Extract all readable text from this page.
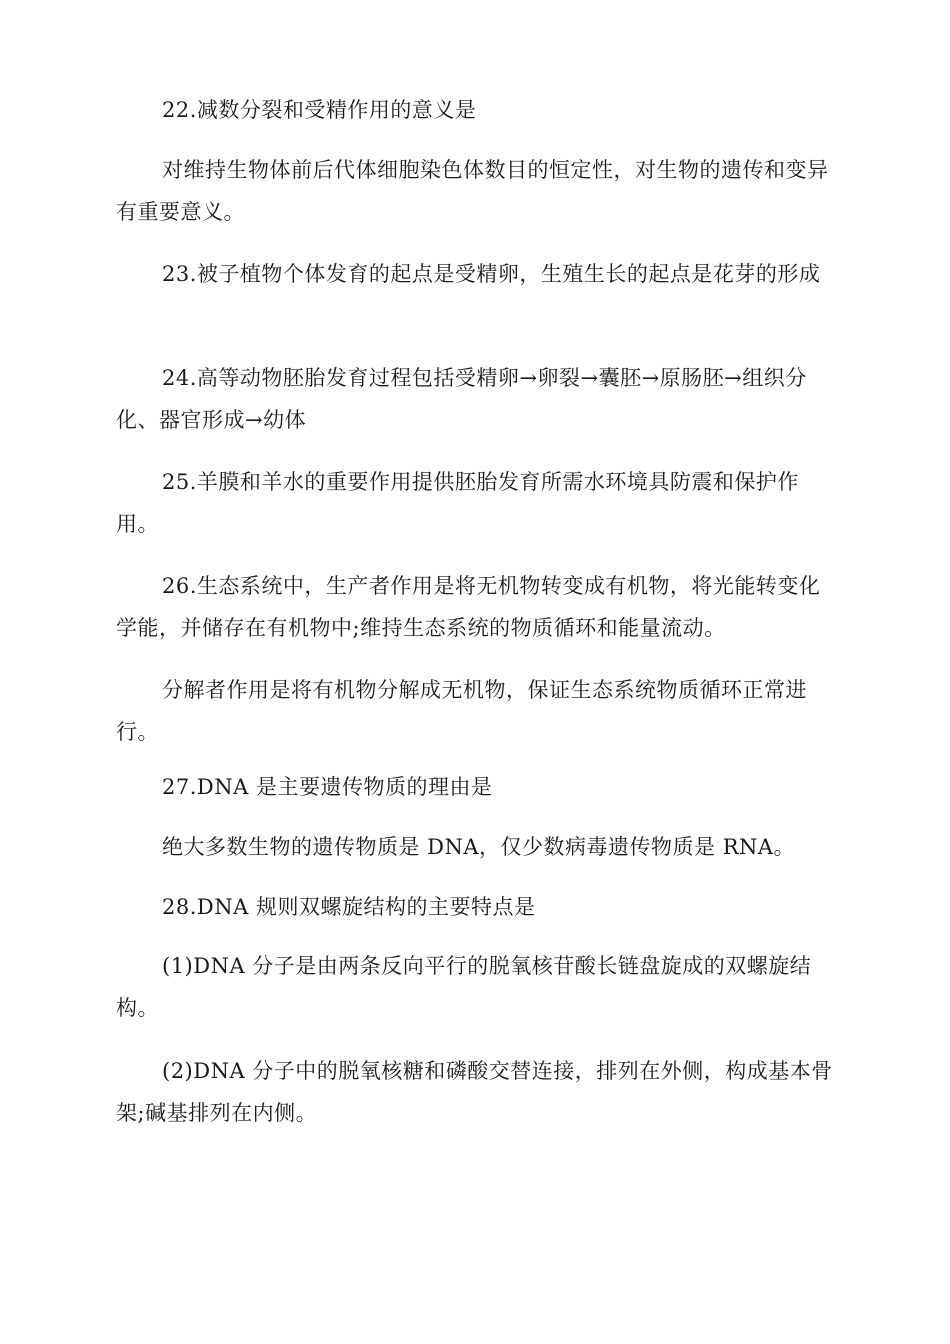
22.减数分裂和受精作用的意义是

对维持生物体前后代体细胞染色体数目的恒定性，对生物的遗传和变异有重要意义。

23.被子植物个体发育的起点是受精卵，生殖生长的起点是花芽的形成

24.高等动物胚胎发育过程包括受精卵→卵裂→囊胚→原肠胚→组织分化、器官形成→幼体

25.羊膜和羊水的重要作用提供胚胎发育所需水环境具防震和保护作用。

26.生态系统中，生产者作用是将无机物转变成有机物，将光能转变化学能，并储存在有机物中;维持生态系统的物质循环和能量流动。

分解者作用是将有机物分解成无机物，保证生态系统物质循环正常进行。

27.DNA 是主要遗传物质的理由是

绝大多数生物的遗传物质是 DNA，仅少数病毒遗传物质是 RNA。

28.DNA 规则双螺旋结构的主要特点是

(1)DNA 分子是由两条反向平行的脱氧核苷酸长链盘旋成的双螺旋结构。

(2)DNA 分子中的脱氧核糖和磷酸交替连接，排列在外侧，构成基本骨架;碱基排列在内侧。
